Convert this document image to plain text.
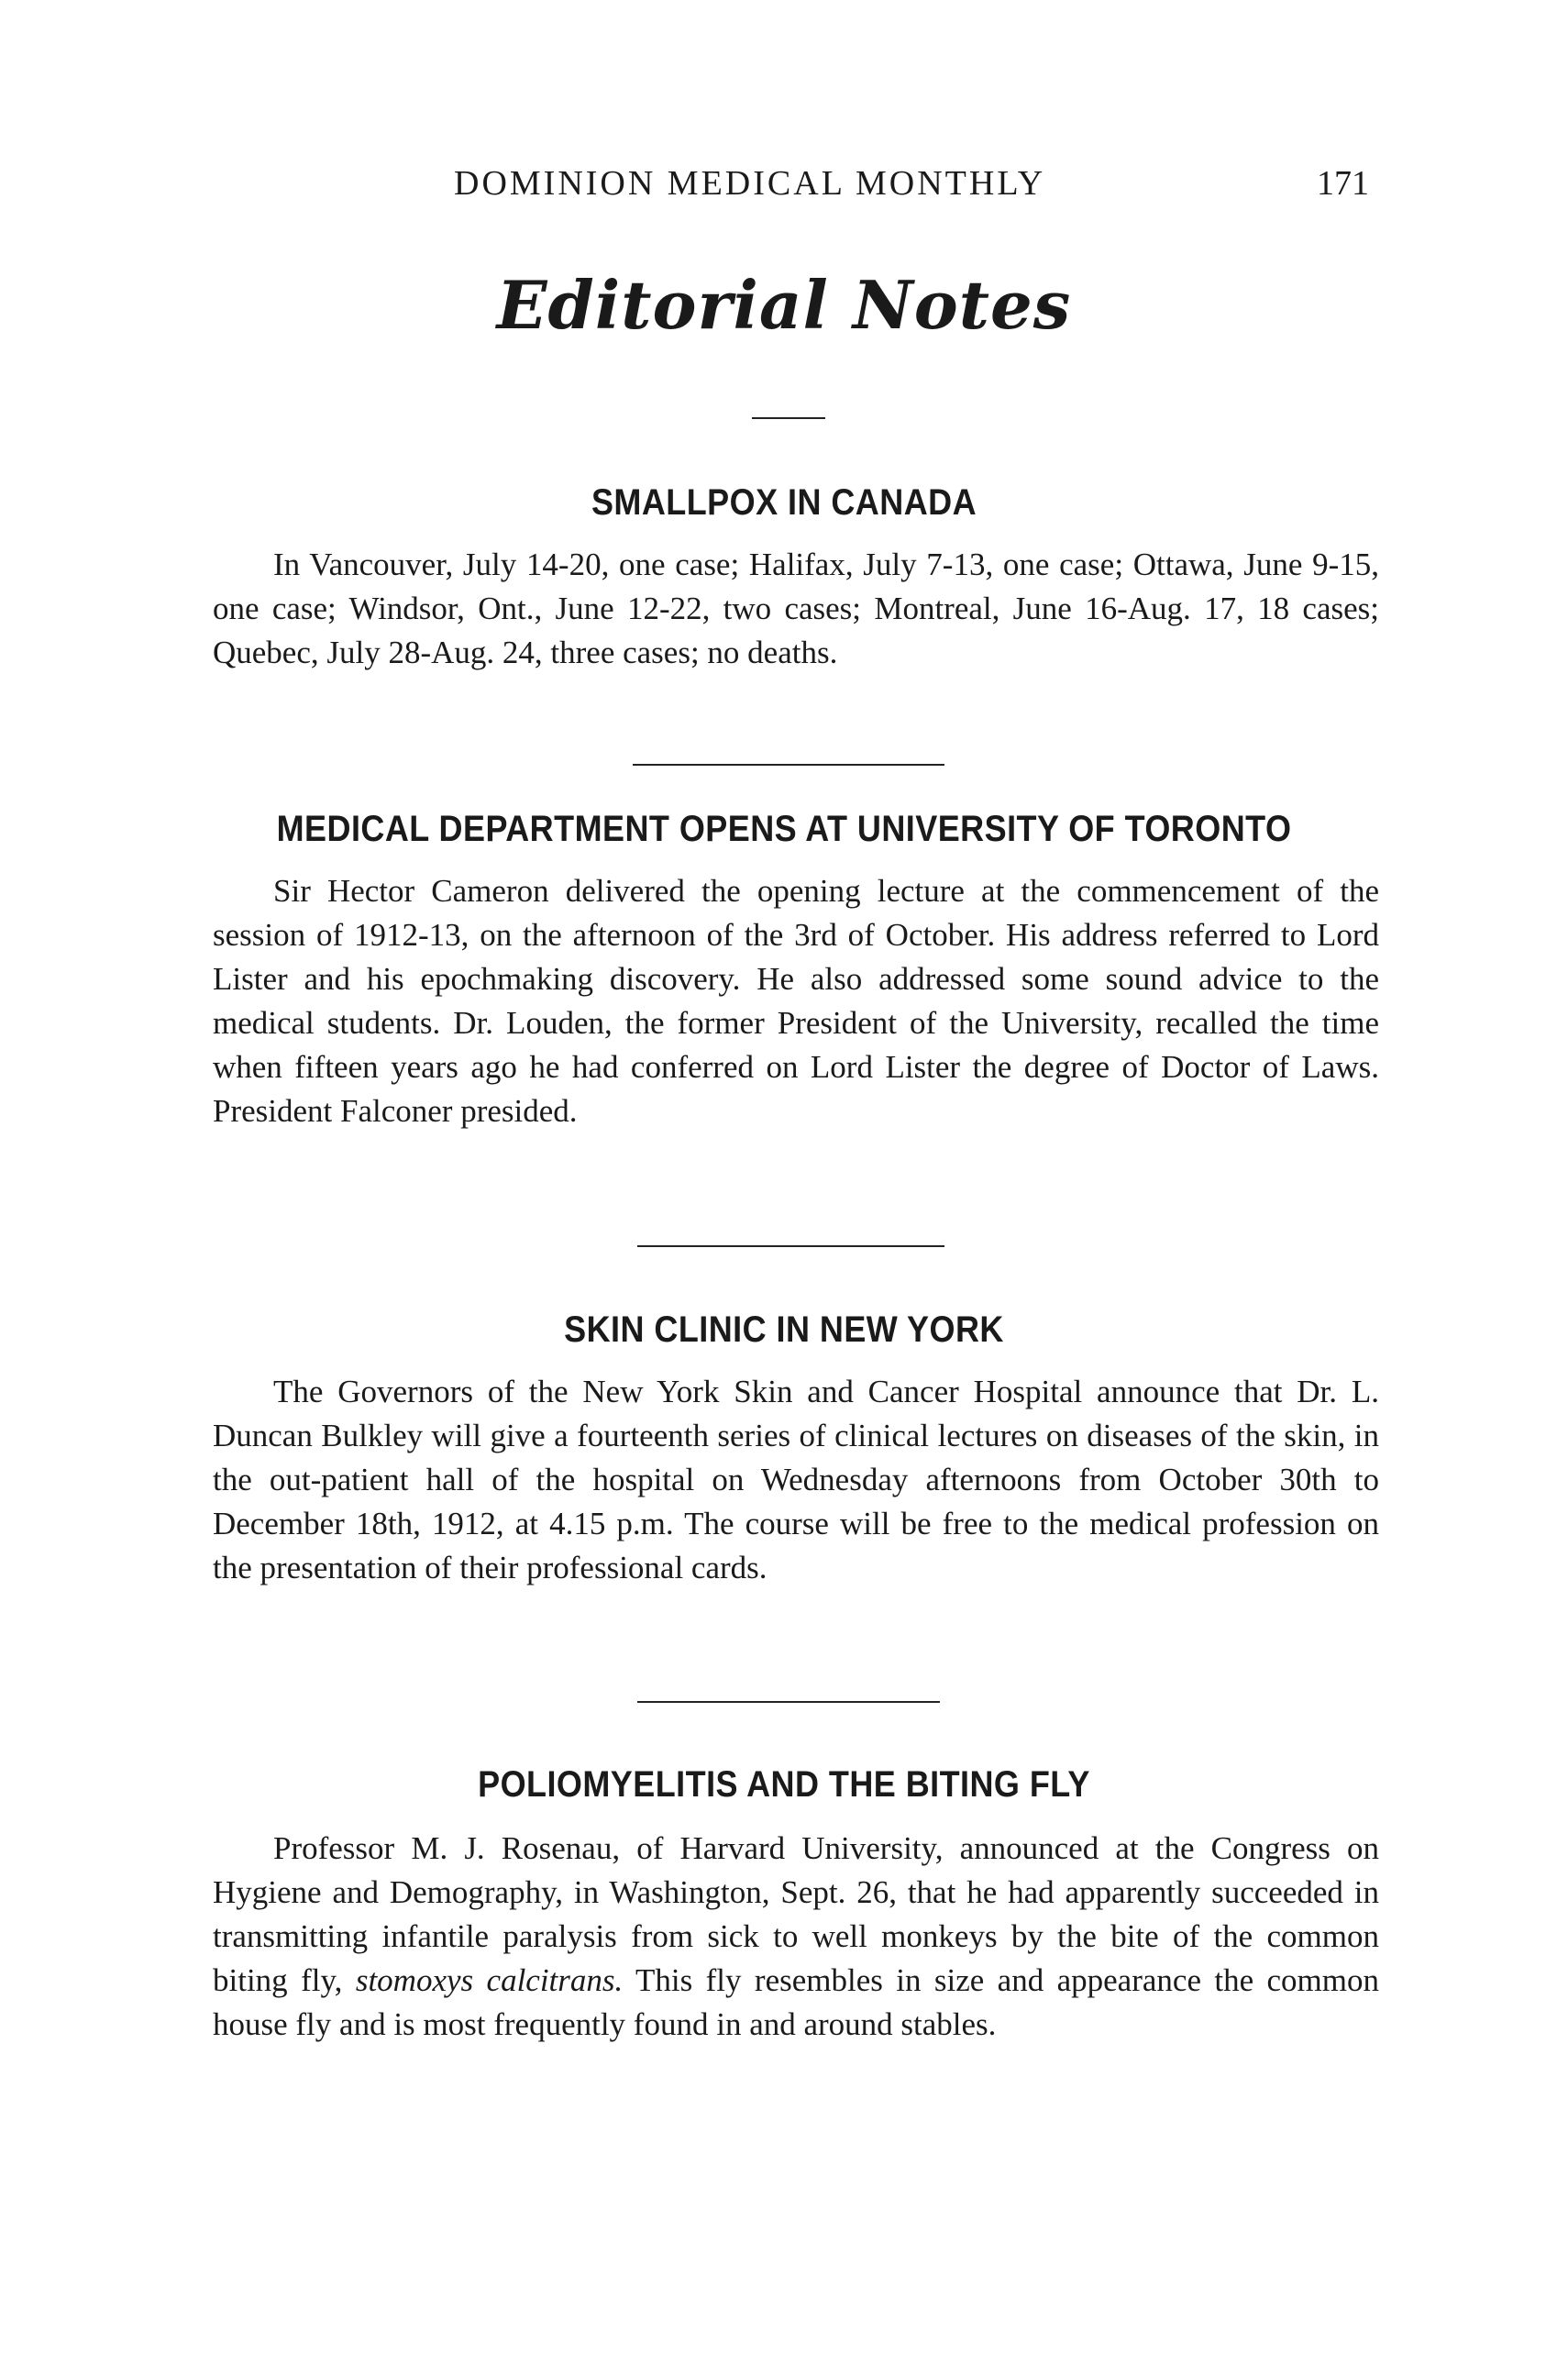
DOMINION MEDICAL MONTHLY	171
Editorial Notes
SMALLPOX IN CANADA

In Vancouver, July 14-20, one case; Halifax, July 7-13, one case; Ottawa, June 9-15, one case; Windsor, Ont., June 12-22, two cases; Montreal, June 16-Aug. 17, 18 cases; Quebec, July 28-Aug. 24, three cases; no deaths.

MEDICAL DEPARTMENT OPENS AT UNIVERSITY OF TORONTO

Sir Hector Cameron delivered the opening lecture at the commencement of the session of 1912-13, on the afternoon of the 3rd of October. His address referred to Lord Lister and his epochmaking discovery. He also addressed some sound advice to the medical students. Dr. Louden, the former President of the University, recalled the time when fifteen years ago he had conferred on Lord Lister the degree of Doctor of Laws. President Falconer presided.

SKIN CLINIC IN NEW YORK

The Governors of the New York Skin and Cancer Hospital announce that Dr. L. Duncan Bulkley will give a fourteenth series of clinical lectures on diseases of the skin, in the out-patient hall of the hospital on Wednesday afternoons from October 30th to December 18th, 1912, at 4.15 p.m. The course will be free to the medical profession on the presentation of their professional cards.

POLIOMYELITIS AND THE BITING FLY

Professor M. J. Rosenau, of Harvard University, announced at the Congress on Hygiene and Demography, in Washington, Sept. 26, that he had apparently succeeded in transmitting infantile paralysis from sick to well monkeys by the bite of the common biting fly, stomoxys calcitrans. This fly resembles in size and appearance the common house fly and is most frequently found in and around stables.
